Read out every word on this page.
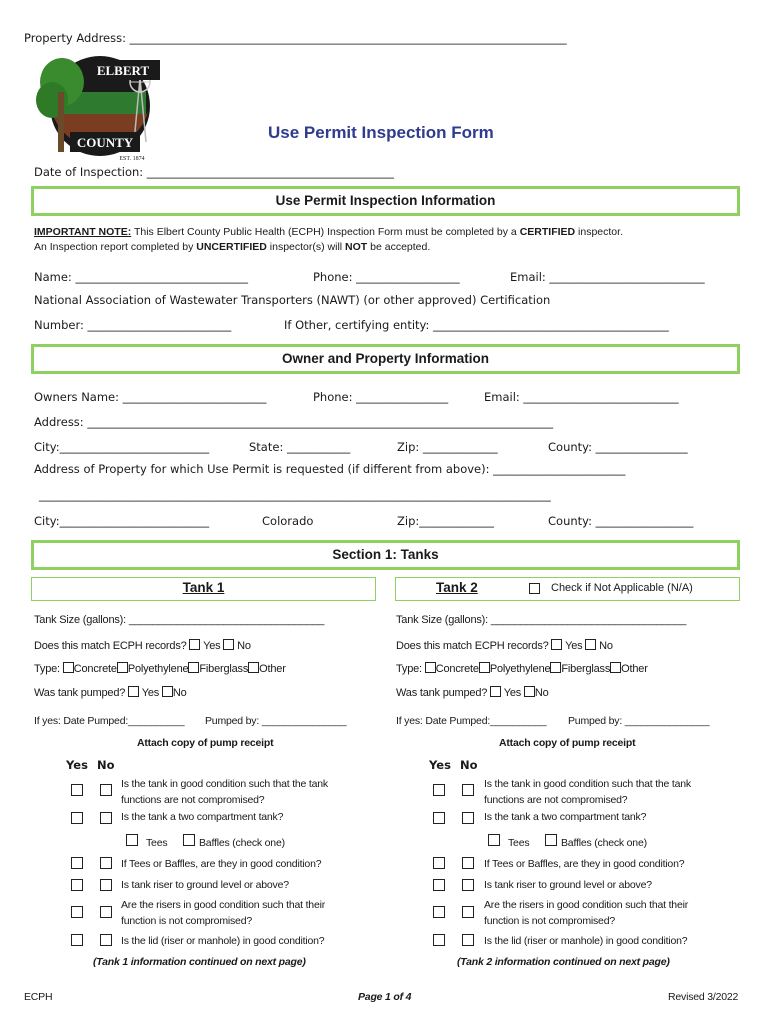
Property Address: ____________________________________________________________________________
ELBERT
COUNTY
EST. 1874
Use Permit Inspection Form
Date of Inspection: ___________________________________________
Use Permit Inspection Information
IMPORTANT NOTE: This Elbert County Public Health (ECPH) Inspection Form must be completed by a CERTIFIED inspector.
An Inspection report completed by UNCERTIFIED inspector(s) will NOT be accepted.
Name: ______________________________	Phone: __________________	Email: ___________________________
National Association of Wastewater Transporters (NAWT) (or other approved) Certification
Number: _________________________	If Other, certifying entity: _________________________________________
Owner and Property Information
Owners Name: _________________________	Phone: ________________	Email: ___________________________
Address: _________________________________________________________________________________
City:__________________________	State: ___________	Zip: _____________	County: ________________
Address of Property for which Use Permit is requested (if different from above): _______________________
_________________________________________________________________________________________
City:__________________________	Colorado	Zip:_____________	County: _________________
Section 1: Tanks
Tank 1
Tank Size (gallons): _________________________________
Does this match ECPH records? Yes No
Type: Concrete Polyethylene Fiberglass Other
Was tank pumped? Yes No
If yes: Date Pumped:__________ Pumped by: _______________
Attach copy of pump receipt
Yes No
Is the tank in good condition such that the tank
functions are not compromised?
Is the tank a two compartment tank?
Tees	Baffles (check one)
If Tees or Baffles, are they in good condition?
Is tank riser to ground level or above?
Are the risers in good condition such that their
function is not compromised?
Is the lid (riser or manhole) in good condition?
(Tank 1 information continued on next page)
Tank 2	Check if Not Applicable (N/A)
Tank Size (gallons): _________________________________
Does this match ECPH records? Yes No
Type: Concrete Polyethylene Fiberglass Other
Was tank pumped? Yes No
If yes: Date Pumped:__________ Pumped by: _______________
Attach copy of pump receipt
Yes No
Is the tank in good condition such that the tank
functions are not compromised?
Is the tank a two compartment tank?
Tees	Baffles (check one)
If Tees or Baffles, are they in good condition?
Is tank riser to ground level or above?
Are the risers in good condition such that their
function is not compromised?
Is the lid (riser or manhole) in good condition?
(Tank 2 information continued on next page)
ECPH	Page 1 of 4	Revised 3/2022
